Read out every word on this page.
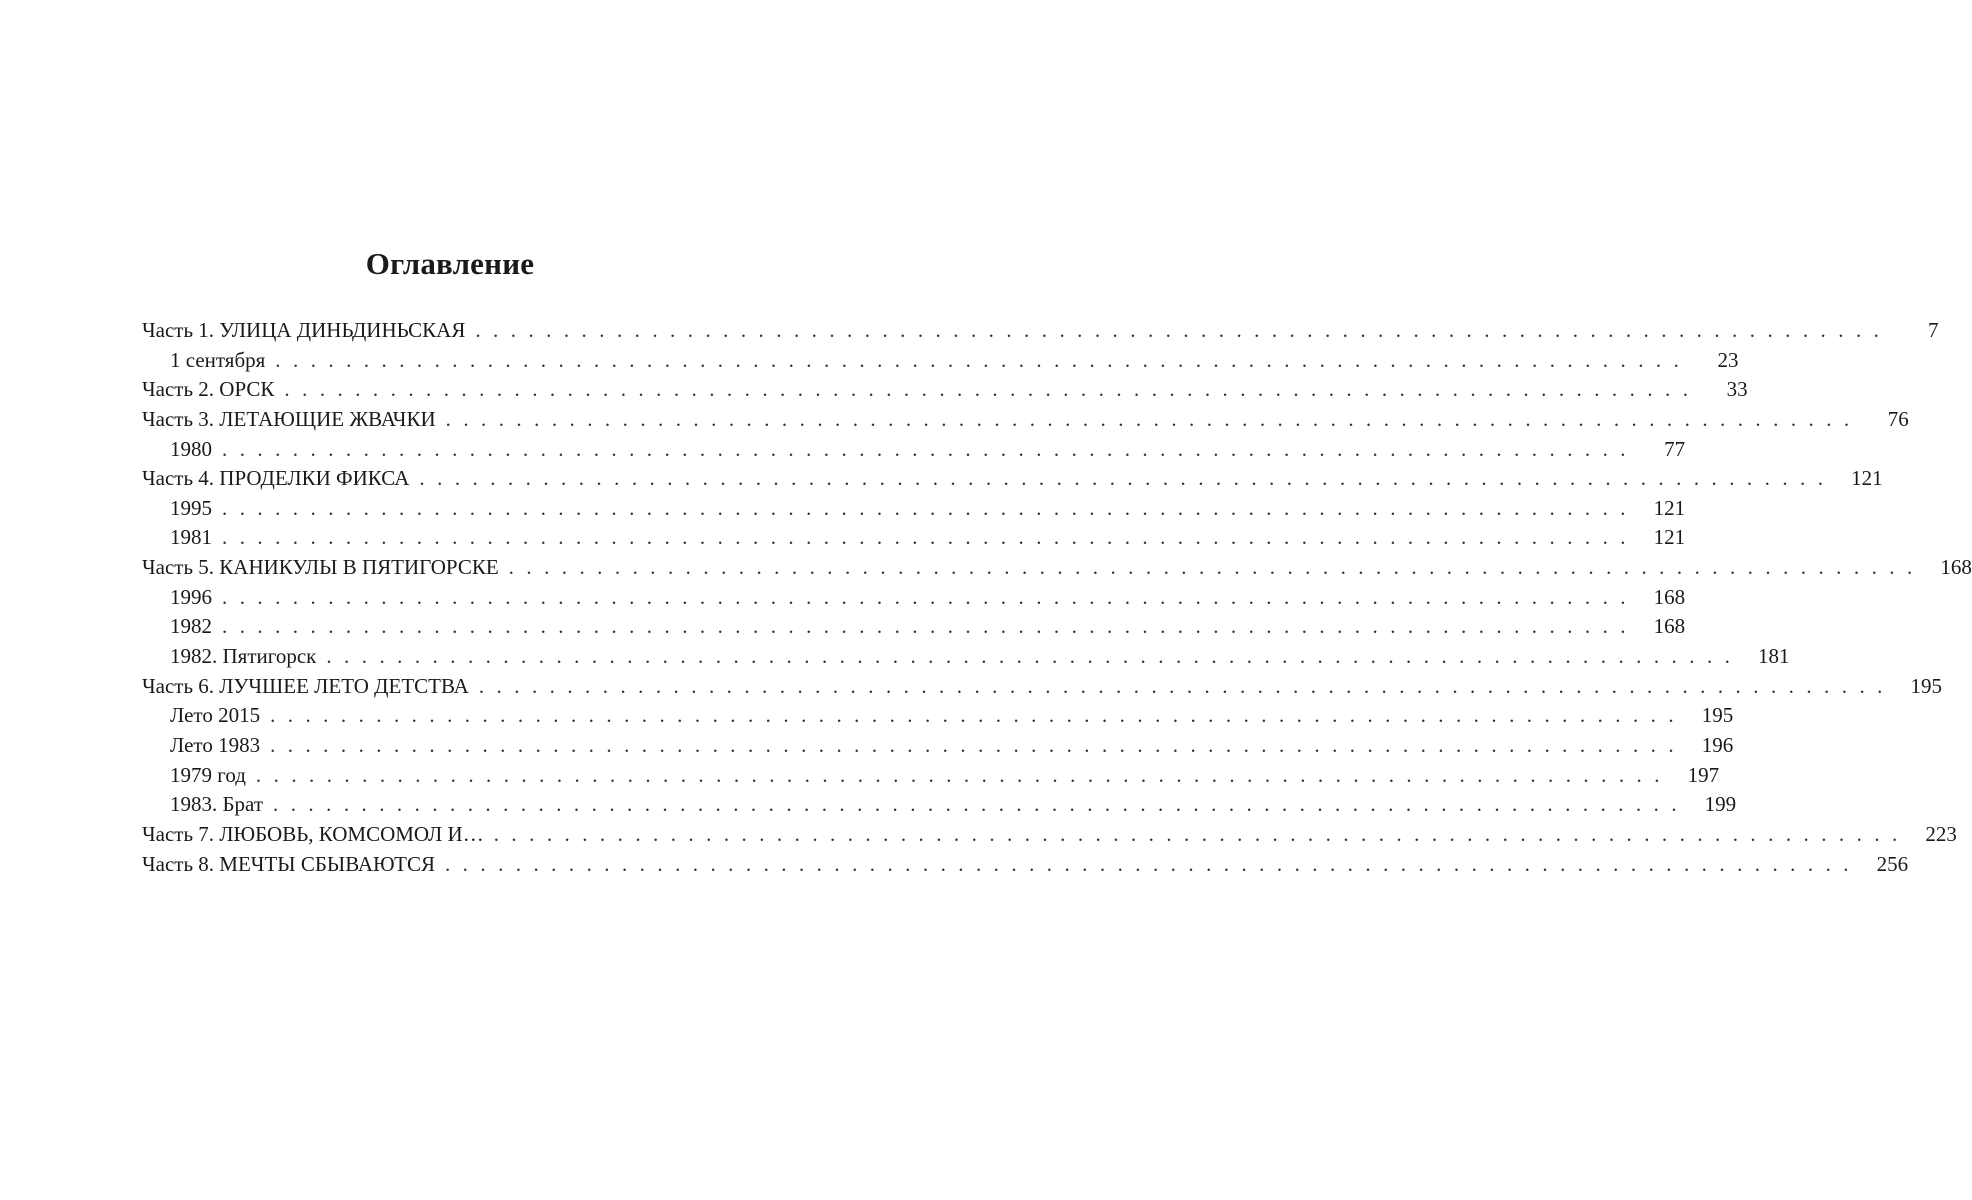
Оглавление
Часть 1. УЛИЦА ДИНЬДИНЬСКАЯ . . . . . . . . . . . . . . . . . . . . . . . . . . . . . . . . . . . . . . . . . . . . . . . . . . . . . . . . . . . . . . . . . . . . . . . . . . . . . . . .	7
1 сентября . . . . . . . . . . . . . . . . . . . . . . . . . . . . . . . . . . . . . . . . . . . . . . . . . . . . . . . . . . . . . . . . . . . . . . . . . . . . . . . .	23
Часть 2. ОРСК . . . . . . . . . . . . . . . . . . . . . . . . . . . . . . . . . . . . . . . . . . . . . . . . . . . . . . . . . . . . . . . . . . . . . . . . . . . . . . . .	33
Часть 3. ЛЕТАЮЩИЕ ЖВАЧКИ . . . . . . . . . . . . . . . . . . . . . . . . . . . . . . . . . . . . . . . . . . . . . . . . . . . . . . . . . . . . . . . . . . . . . . . . . . . . . . . .	76
1980 . . . . . . . . . . . . . . . . . . . . . . . . . . . . . . . . . . . . . . . . . . . . . . . . . . . . . . . . . . . . . . . . . . . . . . . . . . . . . . . .	77
Часть 4. ПРОДЕЛКИ ФИКСА . . . . . . . . . . . . . . . . . . . . . . . . . . . . . . . . . . . . . . . . . . . . . . . . . . . . . . . . . . . . . . . . . . . . . . . . . . . . . . . .	121
1995 . . . . . . . . . . . . . . . . . . . . . . . . . . . . . . . . . . . . . . . . . . . . . . . . . . . . . . . . . . . . . . . . . . . . . . . . . . . . . . . .	121
1981 . . . . . . . . . . . . . . . . . . . . . . . . . . . . . . . . . . . . . . . . . . . . . . . . . . . . . . . . . . . . . . . . . . . . . . . . . . . . . . . .	121
Часть 5. КАНИКУЛЫ В ПЯТИГОРСКЕ . . . . . . . . . . . . . . . . . . . . . . . . . . . . . . . . . . . . . . . . . . . . . . . . . . . . . . . . . . . . . . . . . . . . . . . . . . . . . . . .	168
1996 . . . . . . . . . . . . . . . . . . . . . . . . . . . . . . . . . . . . . . . . . . . . . . . . . . . . . . . . . . . . . . . . . . . . . . . . . . . . . . . .	168
1982 . . . . . . . . . . . . . . . . . . . . . . . . . . . . . . . . . . . . . . . . . . . . . . . . . . . . . . . . . . . . . . . . . . . . . . . . . . . . . . . .	168
1982. Пятигорск . . . . . . . . . . . . . . . . . . . . . . . . . . . . . . . . . . . . . . . . . . . . . . . . . . . . . . . . . . . . . . . . . . . . . . . . . . . . . . . .	181
Часть 6. ЛУЧШЕЕ ЛЕТО ДЕТСТВА . . . . . . . . . . . . . . . . . . . . . . . . . . . . . . . . . . . . . . . . . . . . . . . . . . . . . . . . . . . . . . . . . . . . . . . . . . . . . . . .	195
Лето 2015 . . . . . . . . . . . . . . . . . . . . . . . . . . . . . . . . . . . . . . . . . . . . . . . . . . . . . . . . . . . . . . . . . . . . . . . . . . . . . . . .	195
Лето 1983 . . . . . . . . . . . . . . . . . . . . . . . . . . . . . . . . . . . . . . . . . . . . . . . . . . . . . . . . . . . . . . . . . . . . . . . . . . . . . . . .	196
1979 год . . . . . . . . . . . . . . . . . . . . . . . . . . . . . . . . . . . . . . . . . . . . . . . . . . . . . . . . . . . . . . . . . . . . . . . . . . . . . . . .	197
1983. Брат . . . . . . . . . . . . . . . . . . . . . . . . . . . . . . . . . . . . . . . . . . . . . . . . . . . . . . . . . . . . . . . . . . . . . . . . . . . . . . . .	199
Часть 7. ЛЮБОВЬ, КОМСОМОЛ И… . . . . . . . . . . . . . . . . . . . . . . . . . . . . . . . . . . . . . . . . . . . . . . . . . . . . . . . . . . . . . . . . . . . . . . . . . . . . . . . .	223
Часть 8. МЕЧТЫ СБЫВАЮТСЯ . . . . . . . . . . . . . . . . . . . . . . . . . . . . . . . . . . . . . . . . . . . . . . . . . . . . . . . . . . . . . . . . . . . . . . . . . . . . . . . .	256
